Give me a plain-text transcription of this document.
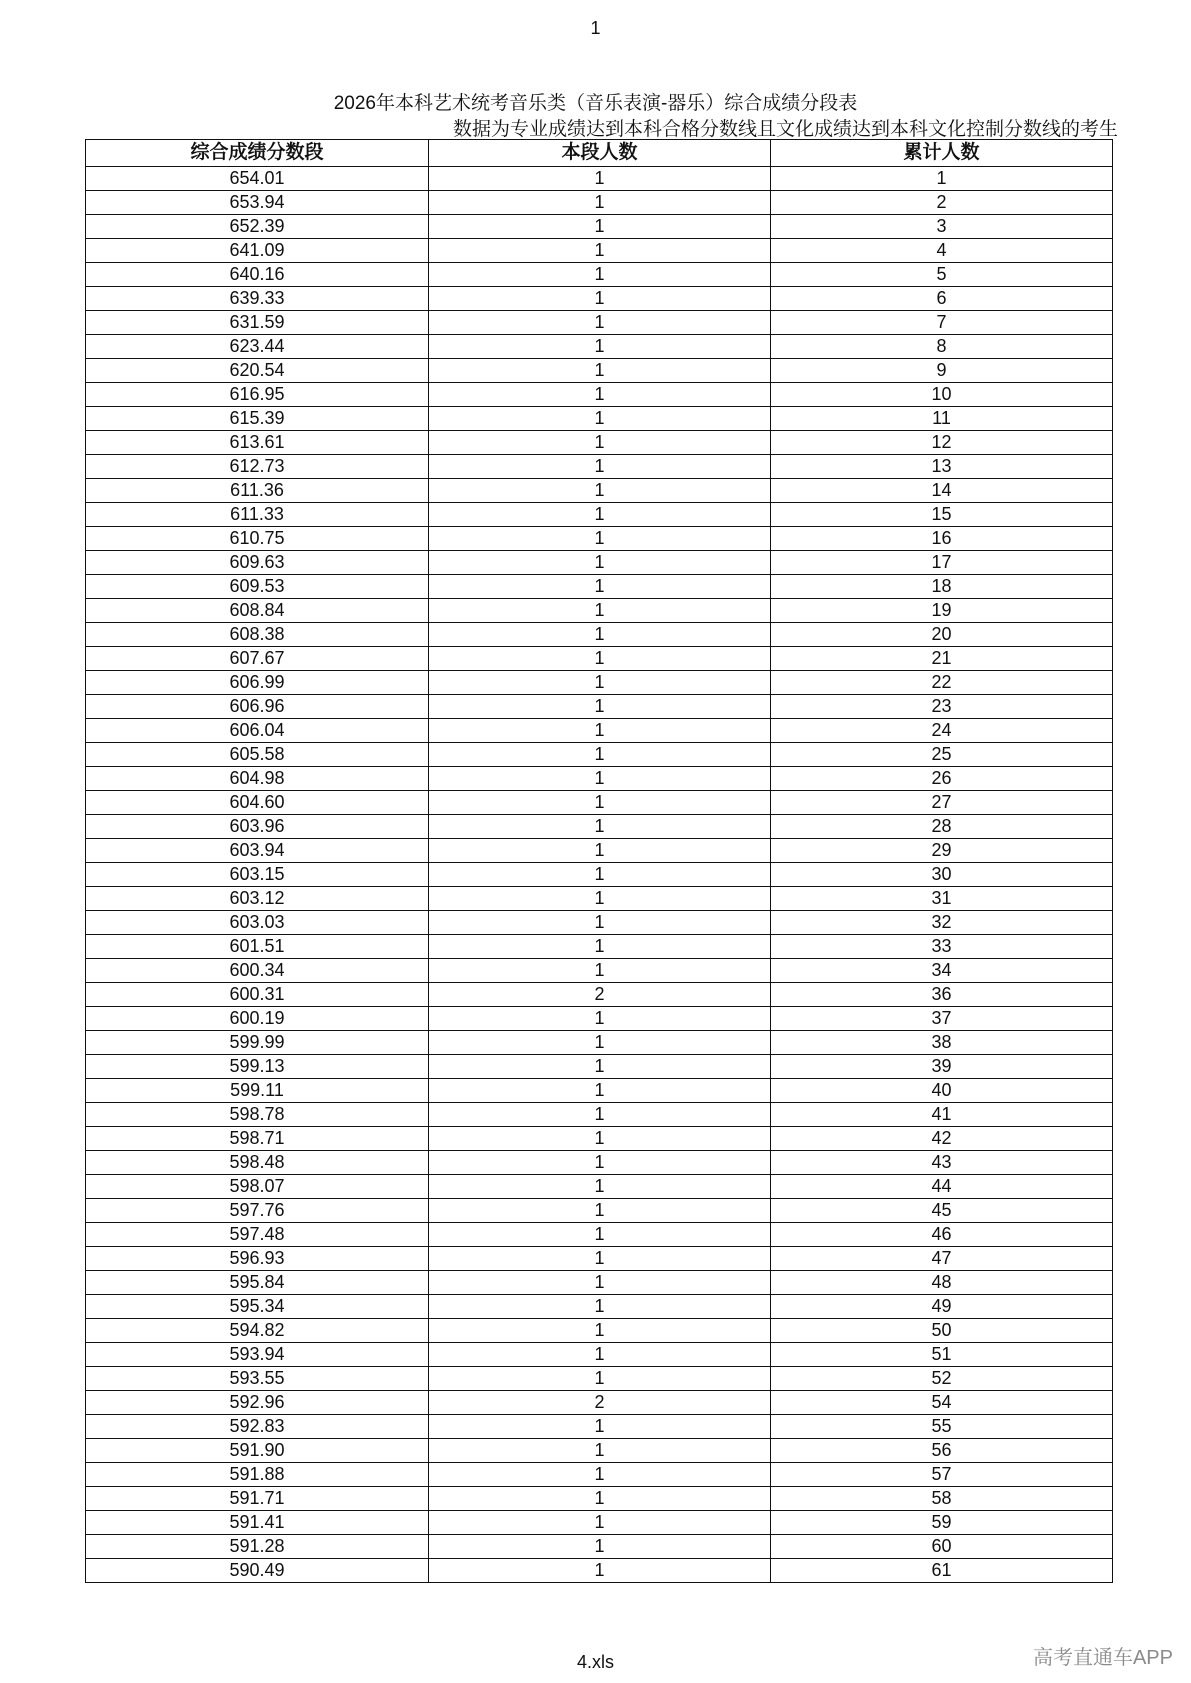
1
2026年本科艺术统考音乐类（音乐表演-器乐）综合成绩分段表
数据为专业成绩达到本科合格分数线且文化成绩达到本科文化控制分数线的考生
综合成绩分数段	本段人数	累计人数
654.01	1	1
653.94	1	2
652.39	1	3
641.09	1	4
640.16	1	5
639.33	1	6
631.59	1	7
623.44	1	8
620.54	1	9
616.95	1	10
615.39	1	11
613.61	1	12
612.73	1	13
611.36	1	14
611.33	1	15
610.75	1	16
609.63	1	17
609.53	1	18
608.84	1	19
608.38	1	20
607.67	1	21
606.99	1	22
606.96	1	23
606.04	1	24
605.58	1	25
604.98	1	26
604.60	1	27
603.96	1	28
603.94	1	29
603.15	1	30
603.12	1	31
603.03	1	32
601.51	1	33
600.34	1	34
600.31	2	36
600.19	1	37
599.99	1	38
599.13	1	39
599.11	1	40
598.78	1	41
598.71	1	42
598.48	1	43
598.07	1	44
597.76	1	45
597.48	1	46
596.93	1	47
595.84	1	48
595.34	1	49
594.82	1	50
593.94	1	51
593.55	1	52
592.96	2	54
592.83	1	55
591.90	1	56
591.88	1	57
591.71	1	58
591.41	1	59
591.28	1	60
590.49	1	61
4.xls	高考直通车APP
